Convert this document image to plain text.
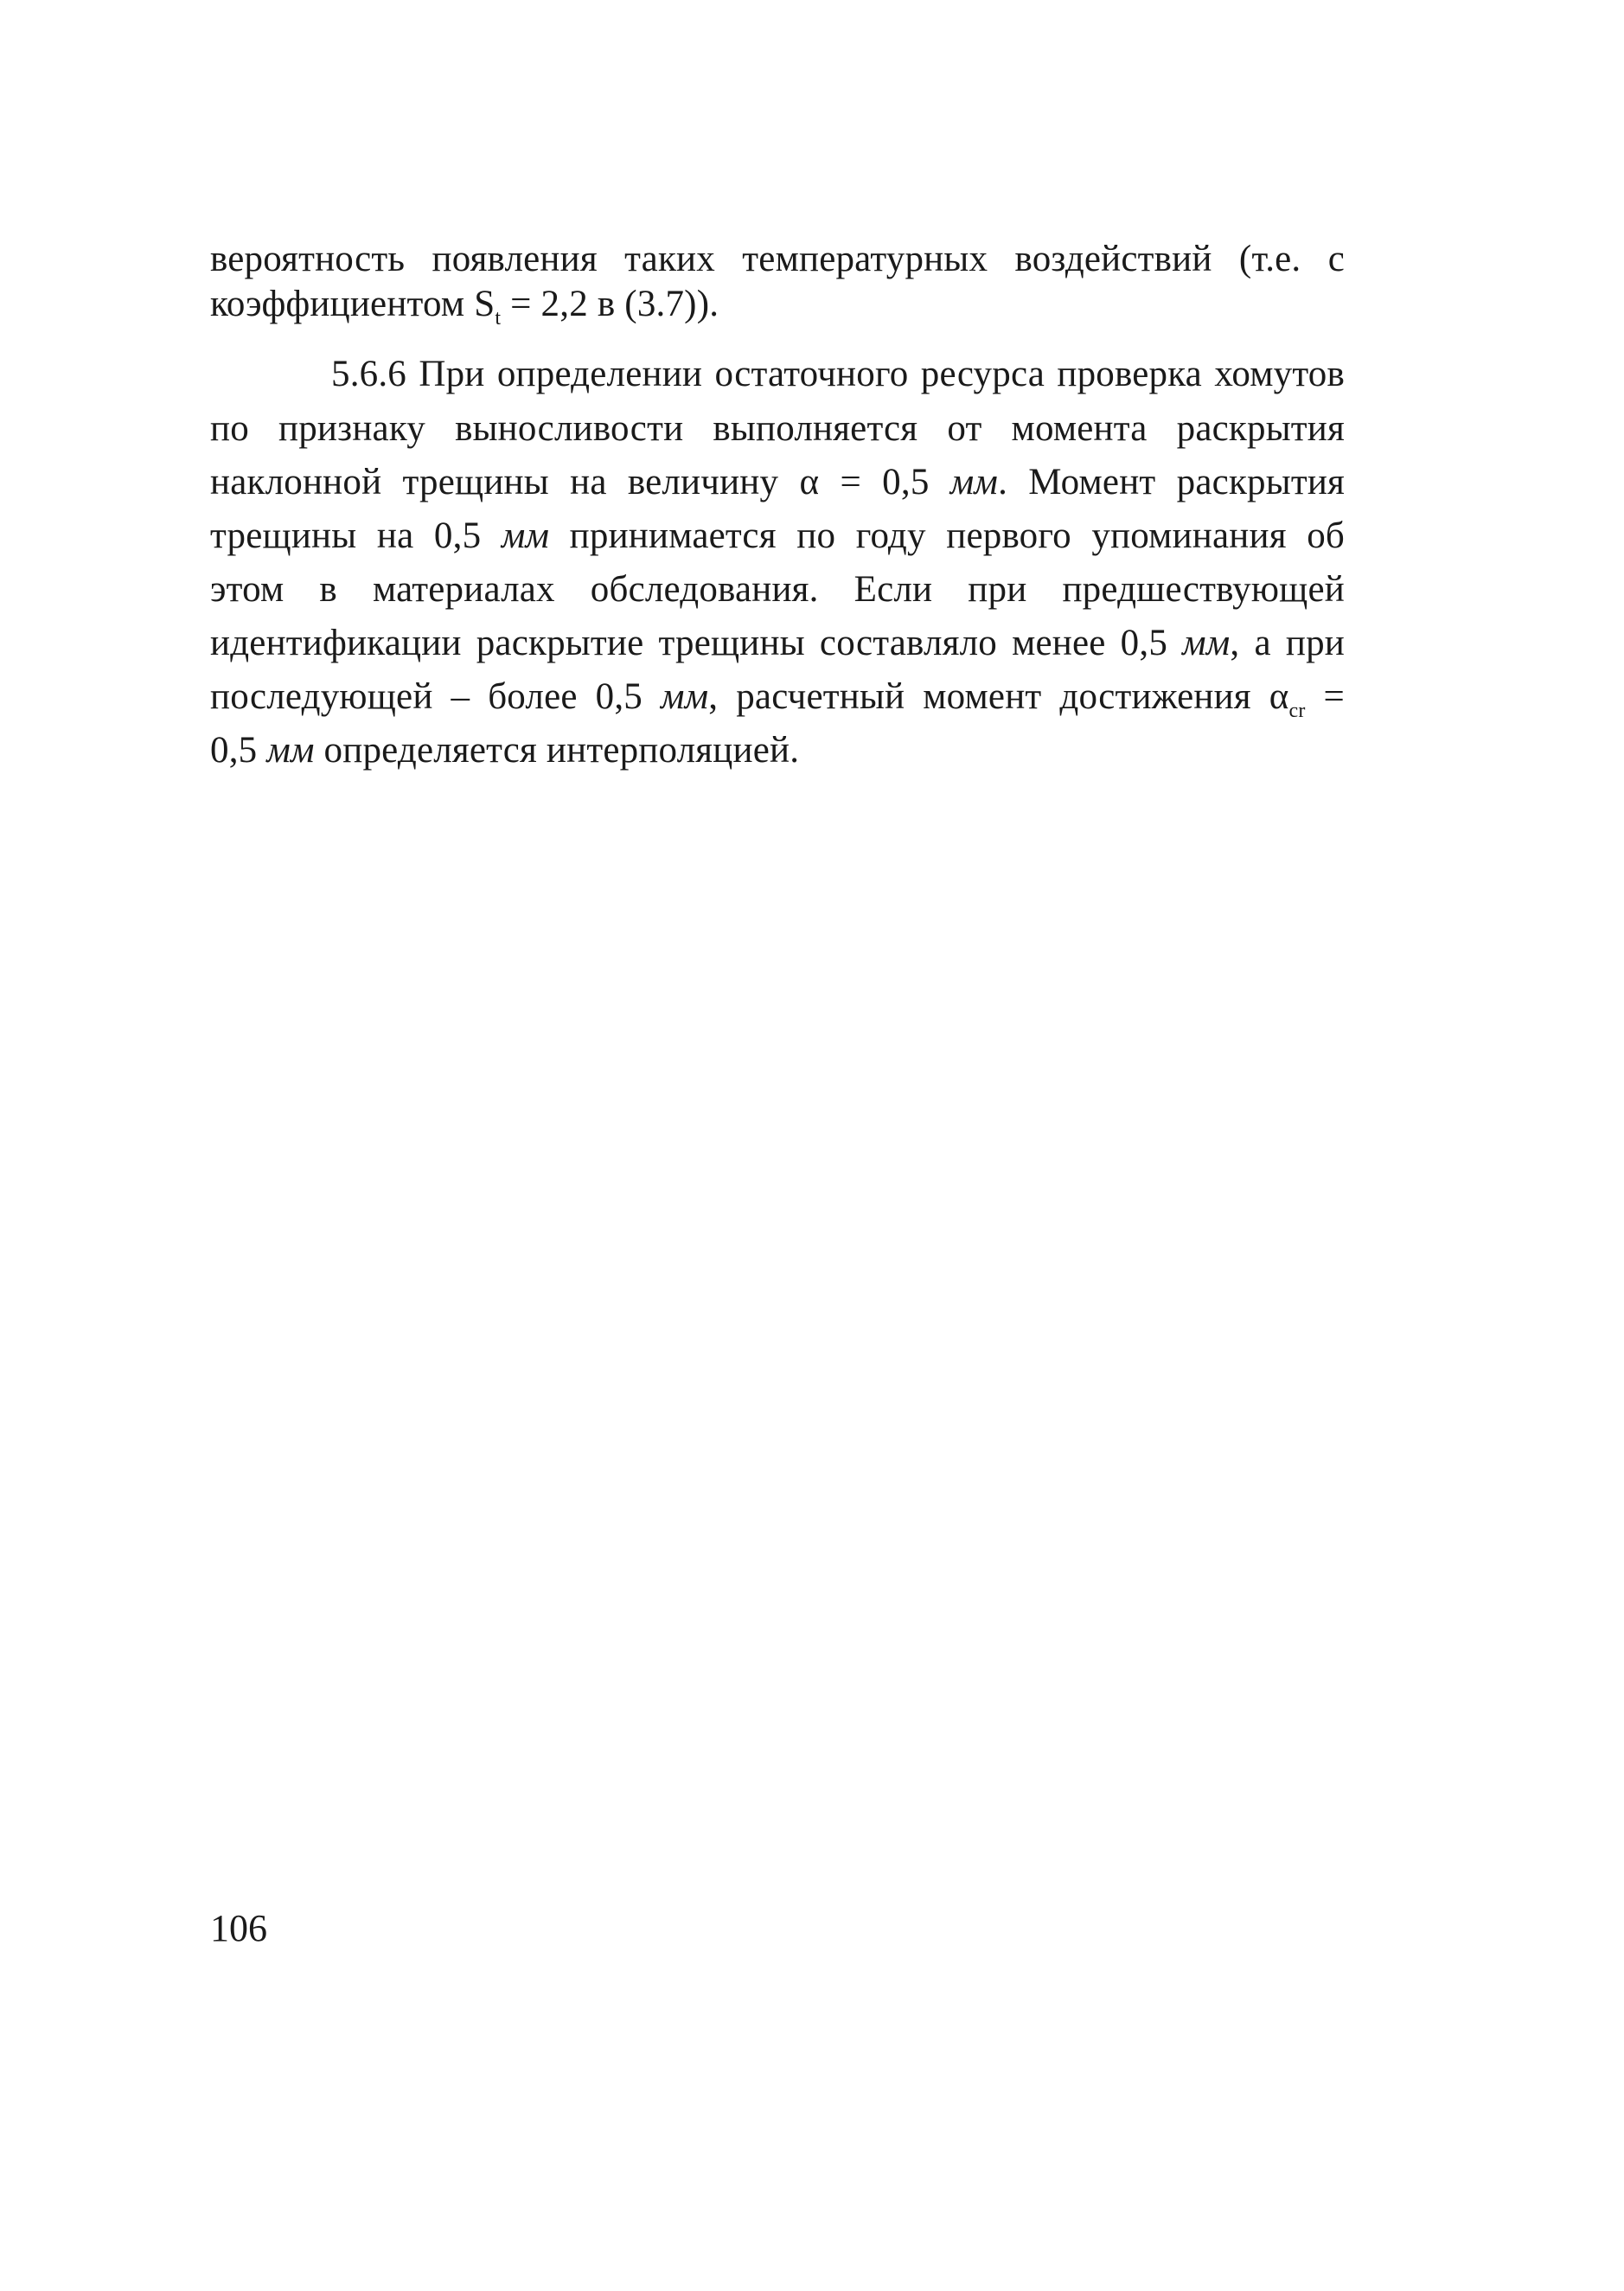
вероятность появления таких температурных воздействий (т.е. с
коэффициентом $S_t = 2,2$ в (3.7)).
5.6.6 При определении остаточного ресурса проверка хомутов
по признаку выносливости выполняется от момента раскрытия
наклонной трещины на величину α = 0,5 мм. Момент раскрытия
трещины на 0,5 мм принимается по году первого упоминания об
этом в материалах обследования. Если при предшествующей
идентификации раскрытие трещины составляло менее 0,5 мм, а при
последующей – более 0,5 мм, расчетный момент достижения $\alpha_{cr}$ =
0,5 мм определяется интерполяцией.
106
